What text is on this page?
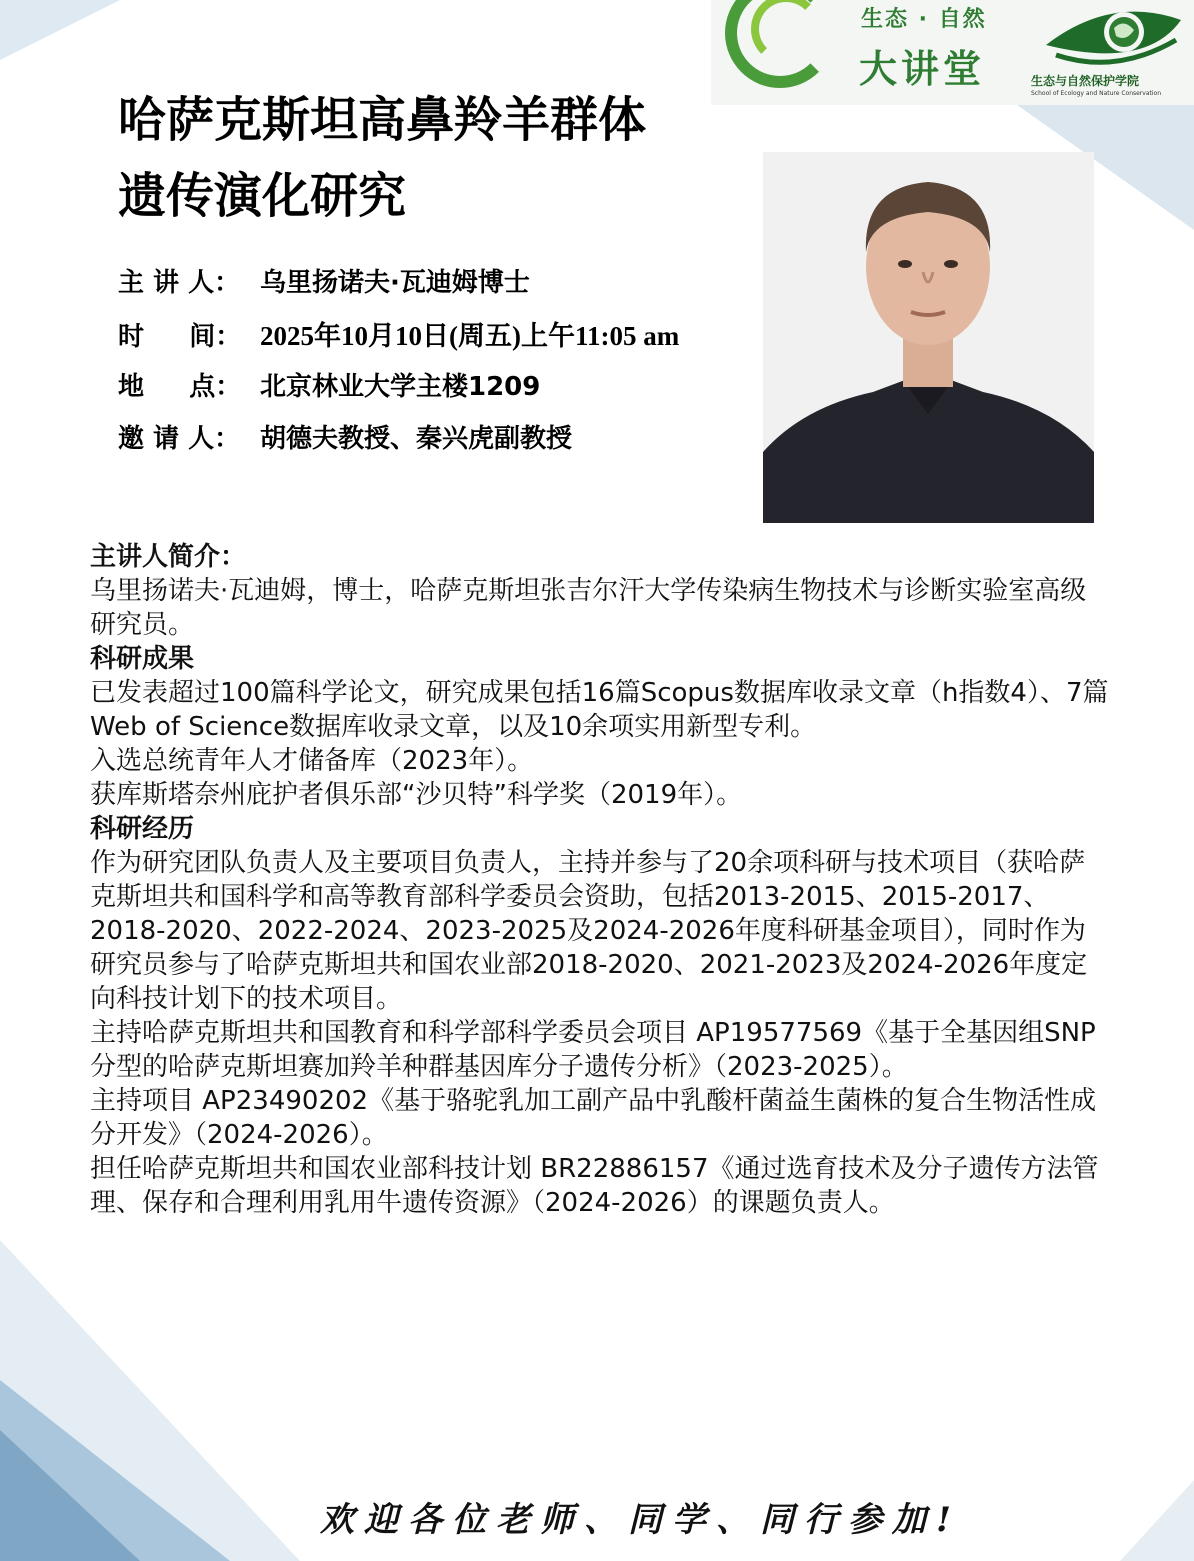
生态 · 自然
大讲堂	生态与自然保护学院
School of Ecology and Nature Conservation
哈萨克斯坦高鼻羚羊群体
遗传演化研究
主 讲 人： 乌里扬诺夫·瓦迪姆博士
时     间： 2025年10月10日(周五)上午11:05 am
地     点： 北京林业大学主楼1209
邀 请 人： 胡德夫教授、秦兴虎副教授

主讲人简介：

乌里扬诺夫·瓦迪姆，博士，哈萨克斯坦张吉尔汗大学传染病生物技术与诊断实验室高级研究员。

科研成果

已发表超过100篇科学论文，研究成果包括16篇Scopus数据库收录文章（h指数4）、7篇Web of Science数据库收录文章，以及10余项实用新型专利。

入选总统青年人才储备库（2023年）。

获库斯塔奈州庇护者俱乐部“沙贝特”科学奖（2019年）。

科研经历

作为研究团队负责人及主要项目负责人，主持并参与了20余项科研与技术项目（获哈萨克斯坦共和国科学和高等教育部科学委员会资助，包括2013-2015、2015-2017、2018-2020、2022-2024、2023-2025及2024-2026年度科研基金项目），同时作为研究员参与了哈萨克斯坦共和国农业部2018-2020、2021-2023及2024-2026年度定向科技计划下的技术项目。

主持哈萨克斯坦共和国教育和科学部科学委员会项目 AP19577569《基于全基因组SNP分型的哈萨克斯坦赛加羚羊种群基因库分子遗传分析》（2023-2025）。

主持项目 AP23490202《基于骆驼乳加工副产品中乳酸杆菌益生菌株的复合生物活性成分开发》（2024-2026）。

担任哈萨克斯坦共和国农业部科技计划 BR22886157《通过选育技术及分子遗传方法管理、保存和合理利用乳用牛遗传资源》（2024-2026）的课题负责人。

欢迎各位老师、同学、同行参加!
